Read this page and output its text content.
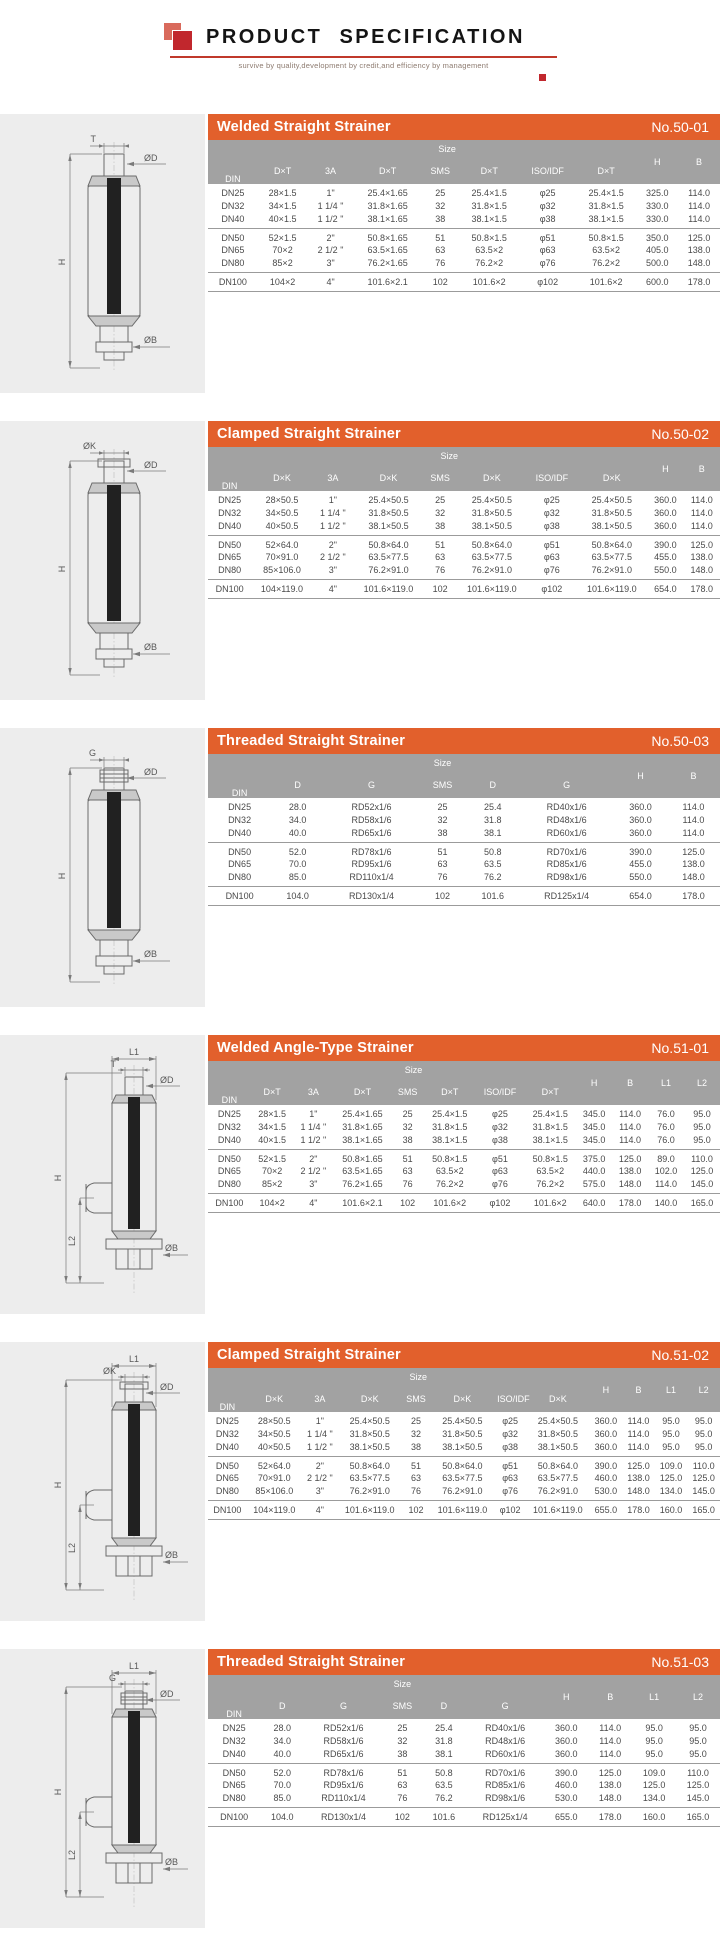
PRODUCT SPECIFICATION
survive by quality,development by credit,and efficiency by management
T
ØD
H
ØB
Welded Straight Strainer	No.50-01
DIN	Size							H	B
	D×T	3A	D×T	SMS	D×T	ISO/IDF	D×T		
DN25	28×1.5	1"	25.4×1.65	25	25.4×1.5	φ25	25.4×1.5	325.0	114.0
DN32	34×1.5	1 1/4 "	31.8×1.65	32	31.8×1.5	φ32	31.8×1.5	330.0	114.0
DN40	40×1.5	1 1/2 "	38.1×1.65	38	38.1×1.5	φ38	38.1×1.5	330.0	114.0
DN50	52×1.5	2"	50.8×1.65	51	50.8×1.5	φ51	50.8×1.5	350.0	125.0
DN65	70×2	2 1/2 "	63.5×1.65	63	63.5×2	φ63	63.5×2	405.0	138.0
DN80	85×2	3"	76.2×1.65	76	76.2×2	φ76	76.2×2	500.0	148.0
DN100	104×2	4"	101.6×2.1	102	101.6×2	φ102	101.6×2	600.0	178.0
ØK
ØD
H
ØB
Clamped Straight Strainer	No.50-02
DIN	Size							H	B
	D×K	3A	D×K	SMS	D×K	ISO/IDF	D×K		
DN25	28×50.5	1"	25.4×50.5	25	25.4×50.5	φ25	25.4×50.5	360.0	114.0
DN32	34×50.5	1 1/4 "	31.8×50.5	32	31.8×50.5	φ32	31.8×50.5	360.0	114.0
DN40	40×50.5	1 1/2 "	38.1×50.5	38	38.1×50.5	φ38	38.1×50.5	360.0	114.0
DN50	52×64.0	2"	50.8×64.0	51	50.8×64.0	φ51	50.8×64.0	390.0	125.0
DN65	70×91.0	2 1/2 "	63.5×77.5	63	63.5×77.5	φ63	63.5×77.5	455.0	138.0
DN80	85×106.0	3"	76.2×91.0	76	76.2×91.0	φ76	76.2×91.0	550.0	148.0
DN100	104×119.0	4"	101.6×119.0	102	101.6×119.0	φ102	101.6×119.0	654.0	178.0
G
ØD
H
ØB
Threaded Straight Strainer	No.50-03
DIN	Size					H	B
	D	G	SMS	D	G		
DN25	28.0	RD52x1/6	25	25.4	RD40x1/6	360.0	114.0
DN32	34.0	RD58x1/6	32	31.8	RD48x1/6	360.0	114.0
DN40	40.0	RD65x1/6	38	38.1	RD60x1/6	360.0	114.0
DN50	52.0	RD78x1/6	51	50.8	RD70x1/6	390.0	125.0
DN65	70.0	RD95x1/6	63	63.5	RD85x1/6	455.0	138.0
DN80	85.0	RD110x1/4	76	76.2	RD98x1/6	550.0	148.0
DN100	104.0	RD130x1/4	102	101.6	RD125x1/4	654.0	178.0
L1
T
ØD
H
L2
ØB
Welded Angle-Type Strainer	No.51-01
DIN	Size							H	B	L1	L2
	D×T	3A	D×T	SMS	D×T	ISO/IDF	D×T				
DN25	28×1.5	1"	25.4×1.65	25	25.4×1.5	φ25	25.4×1.5	345.0	114.0	76.0	95.0
DN32	34×1.5	1 1/4 "	31.8×1.65	32	31.8×1.5	φ32	31.8×1.5	345.0	114.0	76.0	95.0
DN40	40×1.5	1 1/2 "	38.1×1.65	38	38.1×1.5	φ38	38.1×1.5	345.0	114.0	76.0	95.0
DN50	52×1.5	2"	50.8×1.65	51	50.8×1.5	φ51	50.8×1.5	375.0	125.0	89.0	110.0
DN65	70×2	2 1/2 "	63.5×1.65	63	63.5×2	φ63	63.5×2	440.0	138.0	102.0	125.0
DN80	85×2	3"	76.2×1.65	76	76.2×2	φ76	76.2×2	575.0	148.0	114.0	145.0
DN100	104×2	4"	101.6×2.1	102	101.6×2	φ102	101.6×2	640.0	178.0	140.0	165.0
L1
ØK
ØD
H
L2
ØB
Clamped Straight Strainer	No.51-02
DIN	Size							H	B	L1	L2
	D×K	3A	D×K	SMS	D×K	ISO/IDF	D×K				
DN25	28×50.5	1"	25.4×50.5	25	25.4×50.5	φ25	25.4×50.5	360.0	114.0	95.0	95.0
DN32	34×50.5	1 1/4 "	31.8×50.5	32	31.8×50.5	φ32	31.8×50.5	360.0	114.0	95.0	95.0
DN40	40×50.5	1 1/2 "	38.1×50.5	38	38.1×50.5	φ38	38.1×50.5	360.0	114.0	95.0	95.0
DN50	52×64.0	2"	50.8×64.0	51	50.8×64.0	φ51	50.8×64.0	390.0	125.0	109.0	110.0
DN65	70×91.0	2 1/2 "	63.5×77.5	63	63.5×77.5	φ63	63.5×77.5	460.0	138.0	125.0	125.0
DN80	85×106.0	3"	76.2×91.0	76	76.2×91.0	φ76	76.2×91.0	530.0	148.0	134.0	145.0
DN100	104×119.0	4"	101.6×119.0	102	101.6×119.0	φ102	101.6×119.0	655.0	178.0	160.0	165.0
L1
G
ØD
H
L2
ØB
Threaded Straight Strainer	No.51-03
DIN	Size					H	B	L1	L2
	D	G	SMS	D	G				
DN25	28.0	RD52x1/6	25	25.4	RD40x1/6	360.0	114.0	95.0	95.0
DN32	34.0	RD58x1/6	32	31.8	RD48x1/6	360.0	114.0	95.0	95.0
DN40	40.0	RD65x1/6	38	38.1	RD60x1/6	360.0	114.0	95.0	95.0
DN50	52.0	RD78x1/6	51	50.8	RD70x1/6	390.0	125.0	109.0	110.0
DN65	70.0	RD95x1/6	63	63.5	RD85x1/6	460.0	138.0	125.0	125.0
DN80	85.0	RD110x1/4	76	76.2	RD98x1/6	530.0	148.0	134.0	145.0
DN100	104.0	RD130x1/4	102	101.6	RD125x1/4	655.0	178.0	160.0	165.0
